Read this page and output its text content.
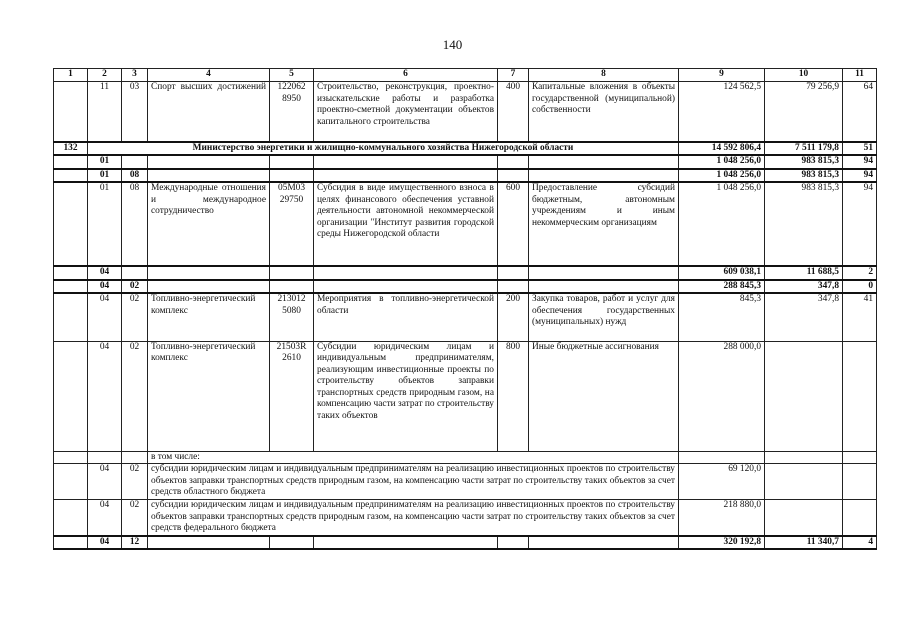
140
1	2	3	4	5	6	7	8	9	10	11
	11	03	Спорт высших достижений	122062 8950	Строительство, реконструкция, проектно-изыскательские работы и разработка проектно-сметной документации объектов капитального строительства	400	Капитальные вложения в объекты государственной (муниципальной) собственности	124 562,5	79 256,9	64
132	Министерство энергетики и жилищно-коммунального хозяйства Нижегородской области							14 592 806,4	7 511 179,8	51
	01							1 048 256,0	983 815,3	94
	01	08						1 048 256,0	983 815,3	94
	01	08	Международные отношения и международное сотрудничество	05М03 29750	Субсидия в виде имущественного взноса в целях финансового обеспечения уставной деятельности автономной некоммерческой организации "Институт развития городской среды Нижегородской области	600	Предоставление субсидий бюджетным, автономным учреждениям и иным некоммерческим организациям	1 048 256,0	983 815,3	94
	04							609 038,1	11 688,5	2
	04	02						288 845,3	347,8	0
	04	02	Топливно-энергетический комплекс	213012 5080	Мероприятия в топливно-энергетической области	200	Закупка товаров, работ и услуг для обеспечения государственных (муниципальных) нужд	845,3	347,8	41
	04	02	Топливно-энергетический комплекс	21503R 2610	Субсидии юридическим лицам и индивидуальным предпринимателям, реализующим инвестиционные проекты по строительству объектов заправки транспортных средств природным газом, на компенсацию части затрат по строительству таких объектов	800	Иные бюджетные ассигнования	288 000,0		
			в том числе:							
	04	02	субсидии юридическим лицам и индивидуальным предпринимателям на реализацию инвестиционных проектов по строительству объектов заправки транспортных средств природным газом, на компенсацию части затрат по строительству таких объектов за счет средств областного бюджета					69 120,0		
	04	02	субсидии юридическим лицам и индивидуальным предпринимателям на реализацию инвестиционных проектов по строительству объектов заправки транспортных средств природным газом, на компенсацию части затрат по строительству таких объектов за счет средств федерального бюджета					218 880,0		
	04	12						320 192,8	11 340,7	4
